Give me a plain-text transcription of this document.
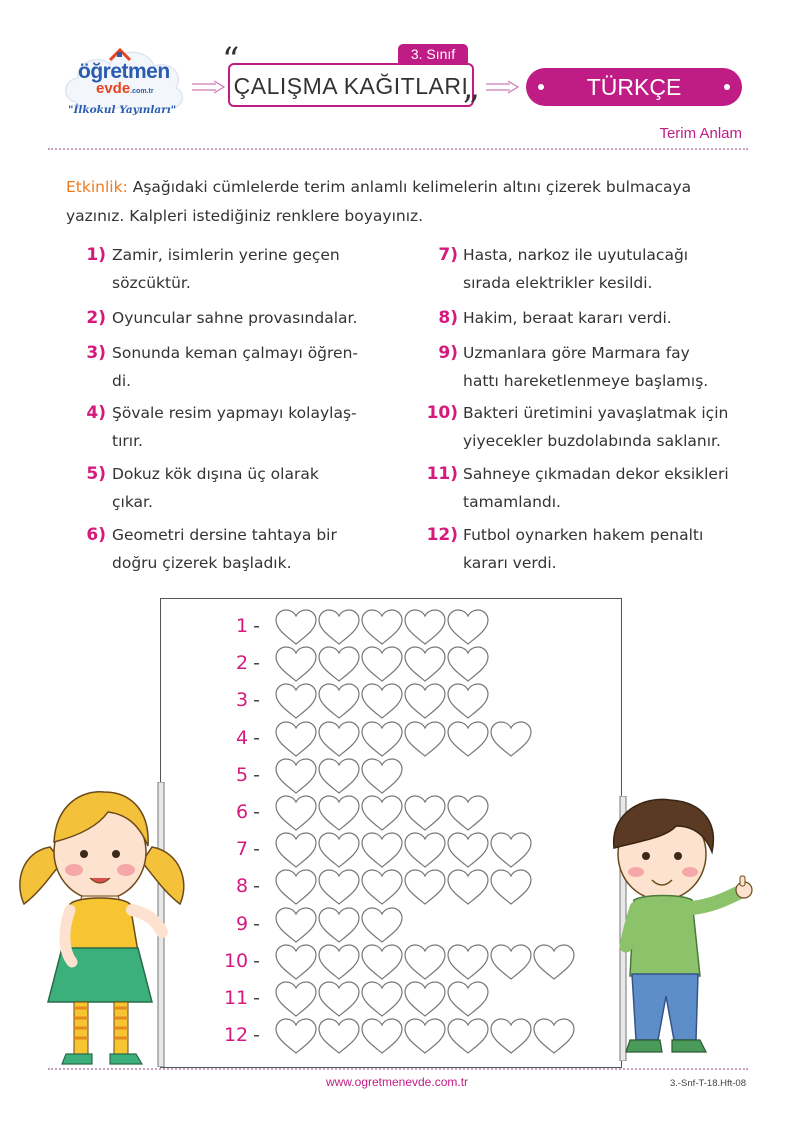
öğretmen
evde.com.tr
"İlkokul Yayınları"
3. Sınıf
ÇALIŞMA KAĞITLARI
“
”
TÜRKÇE
Terim Anlam
Etkinlik: Aşağıdaki cümlelerde terim anlamlı kelimelerin altını çizerek bulmacaya yazınız. Kalpleri istediğiniz renklere boyayınız.
1) Zamir, isimlerin yerine geçen
sözcüktür.
2) Oyuncular sahne provasındalar.
3) Sonunda keman çalmayı öğren-
di.
4) Şövale resim yapmayı kolaylaş-
tırır.
5) Dokuz kök dışına üç olarak
çıkar.
6) Geometri dersine tahtaya bir
doğru çizerek başladık.
7) Hasta, narkoz ile uyutulacağı
sırada elektrikler kesildi.
8) Hakim, beraat kararı verdi.
9) Uzmanlara göre Marmara fay
hattı hareketlenmeye başlamış.
10) Bakteri üretimini yavaşlatmak için
yiyecekler buzdolabında saklanır.
11) Sahneye çıkmadan dekor eksikleri
tamamlandı.
12) Futbol oynarken hakem penaltı
kararı verdi.
1 -
2 -
3 -
4 -
5 -
6 -
7 -
8 -
9 -
10 -
11 -
12 -
www.ogretmenevde.com.tr	3.-Snf-T-18.Hft-08
